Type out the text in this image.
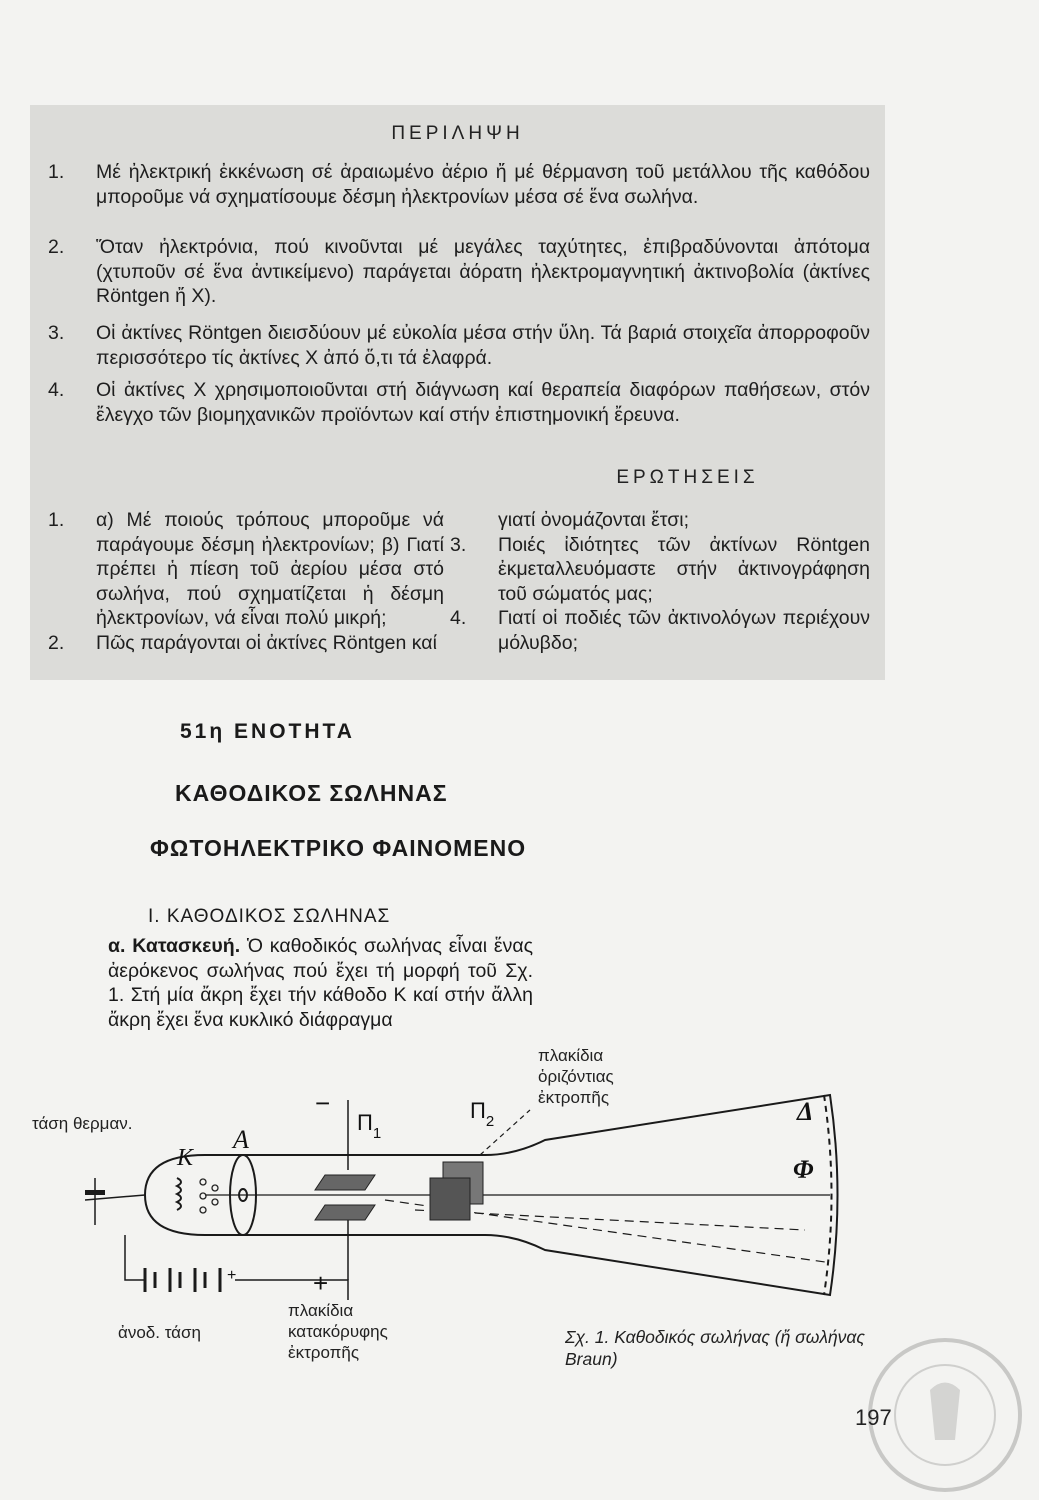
ΠΕΡΙΛΗΨΗ
1.	Μέ ἠλεκτρική ἐκκένωση σέ ἀραιωμένο ἀέριο ἤ μέ θέρμανση τοῦ μετάλλου τῆς καθόδου μποροῦμε νά σχηματίσουμε δέσμη ἠλεκτρονίων μέσα σέ ἕνα σωλήνα.
2.	Ὅταν ἠλεκτρόνια, πού κινοῦνται μέ μεγάλες ταχύτητες, ἐπιβραδύνονται ἀπότομα (χτυποῦν σέ ἕνα ἀντικείμενο) παράγεται ἀόρατη ἠλεκτρομαγνητική ἀκτινοβολία (ἀκτίνες Röntgen ἤ X).
3.	Οἱ ἀκτίνες Röntgen διεισδύουν μέ εὐκολία μέσα στήν ὕλη. Τά βαριά στοιχεῖα ἀπορροφοῦν περισσότερο τίς ἀκτίνες X ἀπό ὅ,τι τά ἐλαφρά.
4.	Οἱ ἀκτίνες X χρησιμοποιοῦνται στή διάγνωση καί θεραπεία διαφόρων παθήσεων, στόν ἔλεγχο τῶν βιομηχανικῶν προϊόντων καί στήν ἐπιστημονική ἔρευνα.
ΕΡΩΤΗΣΕΙΣ
1.	α) Μέ ποιούς τρόπους μποροῦμε νά παράγουμε δέσμη ἠλεκτρονίων; β) Γιατί πρέπει ἡ πίεση τοῦ ἀερίου μέσα στό σωλήνα, πού σχηματίζεται ἡ δέσμη ἠλεκτρονίων, νά εἶναι πολύ μικρή;
2.	Πῶς παράγονται οἱ ἀκτίνες Röntgen καί
γιατί ὀνομάζονται ἔτσι;
3.	Ποιές ἰδιότητες τῶν ἀκτίνων Röntgen ἐκμεταλλευόμαστε στήν ἀκτινογράφηση τοῦ σώματός μας;
4.	Γιατί οἱ ποδιές τῶν ἀκτινολόγων περιέχουν μόλυβδο;
51η ΕΝΟΤΗΤΑ
ΚΑΘΟΔΙΚΟΣ ΣΩΛΗΝΑΣ
ΦΩΤΟΗΛΕΚΤΡΙΚΟ ΦΑΙΝΟΜΕΝΟ
I. ΚΑΘΟΔΙΚΟΣ ΣΩΛΗΝΑΣ
α. Κατασκευή. Ὁ καθοδικός σωλήνας εἶναι ἕνας ἀερόκενος σωλήνας πού ἔχει τή μορφή τοῦ Σχ. 1. Στή μία ἄκρη ἔχει τήν κάθοδο Κ καί στήν ἄλλη ἄκρη ἔχει ἕνα κυκλικό διάφραγμα
A
K
$\Pi_1$
$\Pi_2$	Δ
Φ
−
+
+
τάση θερμαν.
ἀνοδ. τάση
πλακίδια
κατακόρυφης
ἐκτροπῆς
πλακίδια
ὁριζόντιας
ἐκτροπῆς
Σχ. 1. Καθοδικός σωλήνας (ἤ σωλήνας Braun)
197
